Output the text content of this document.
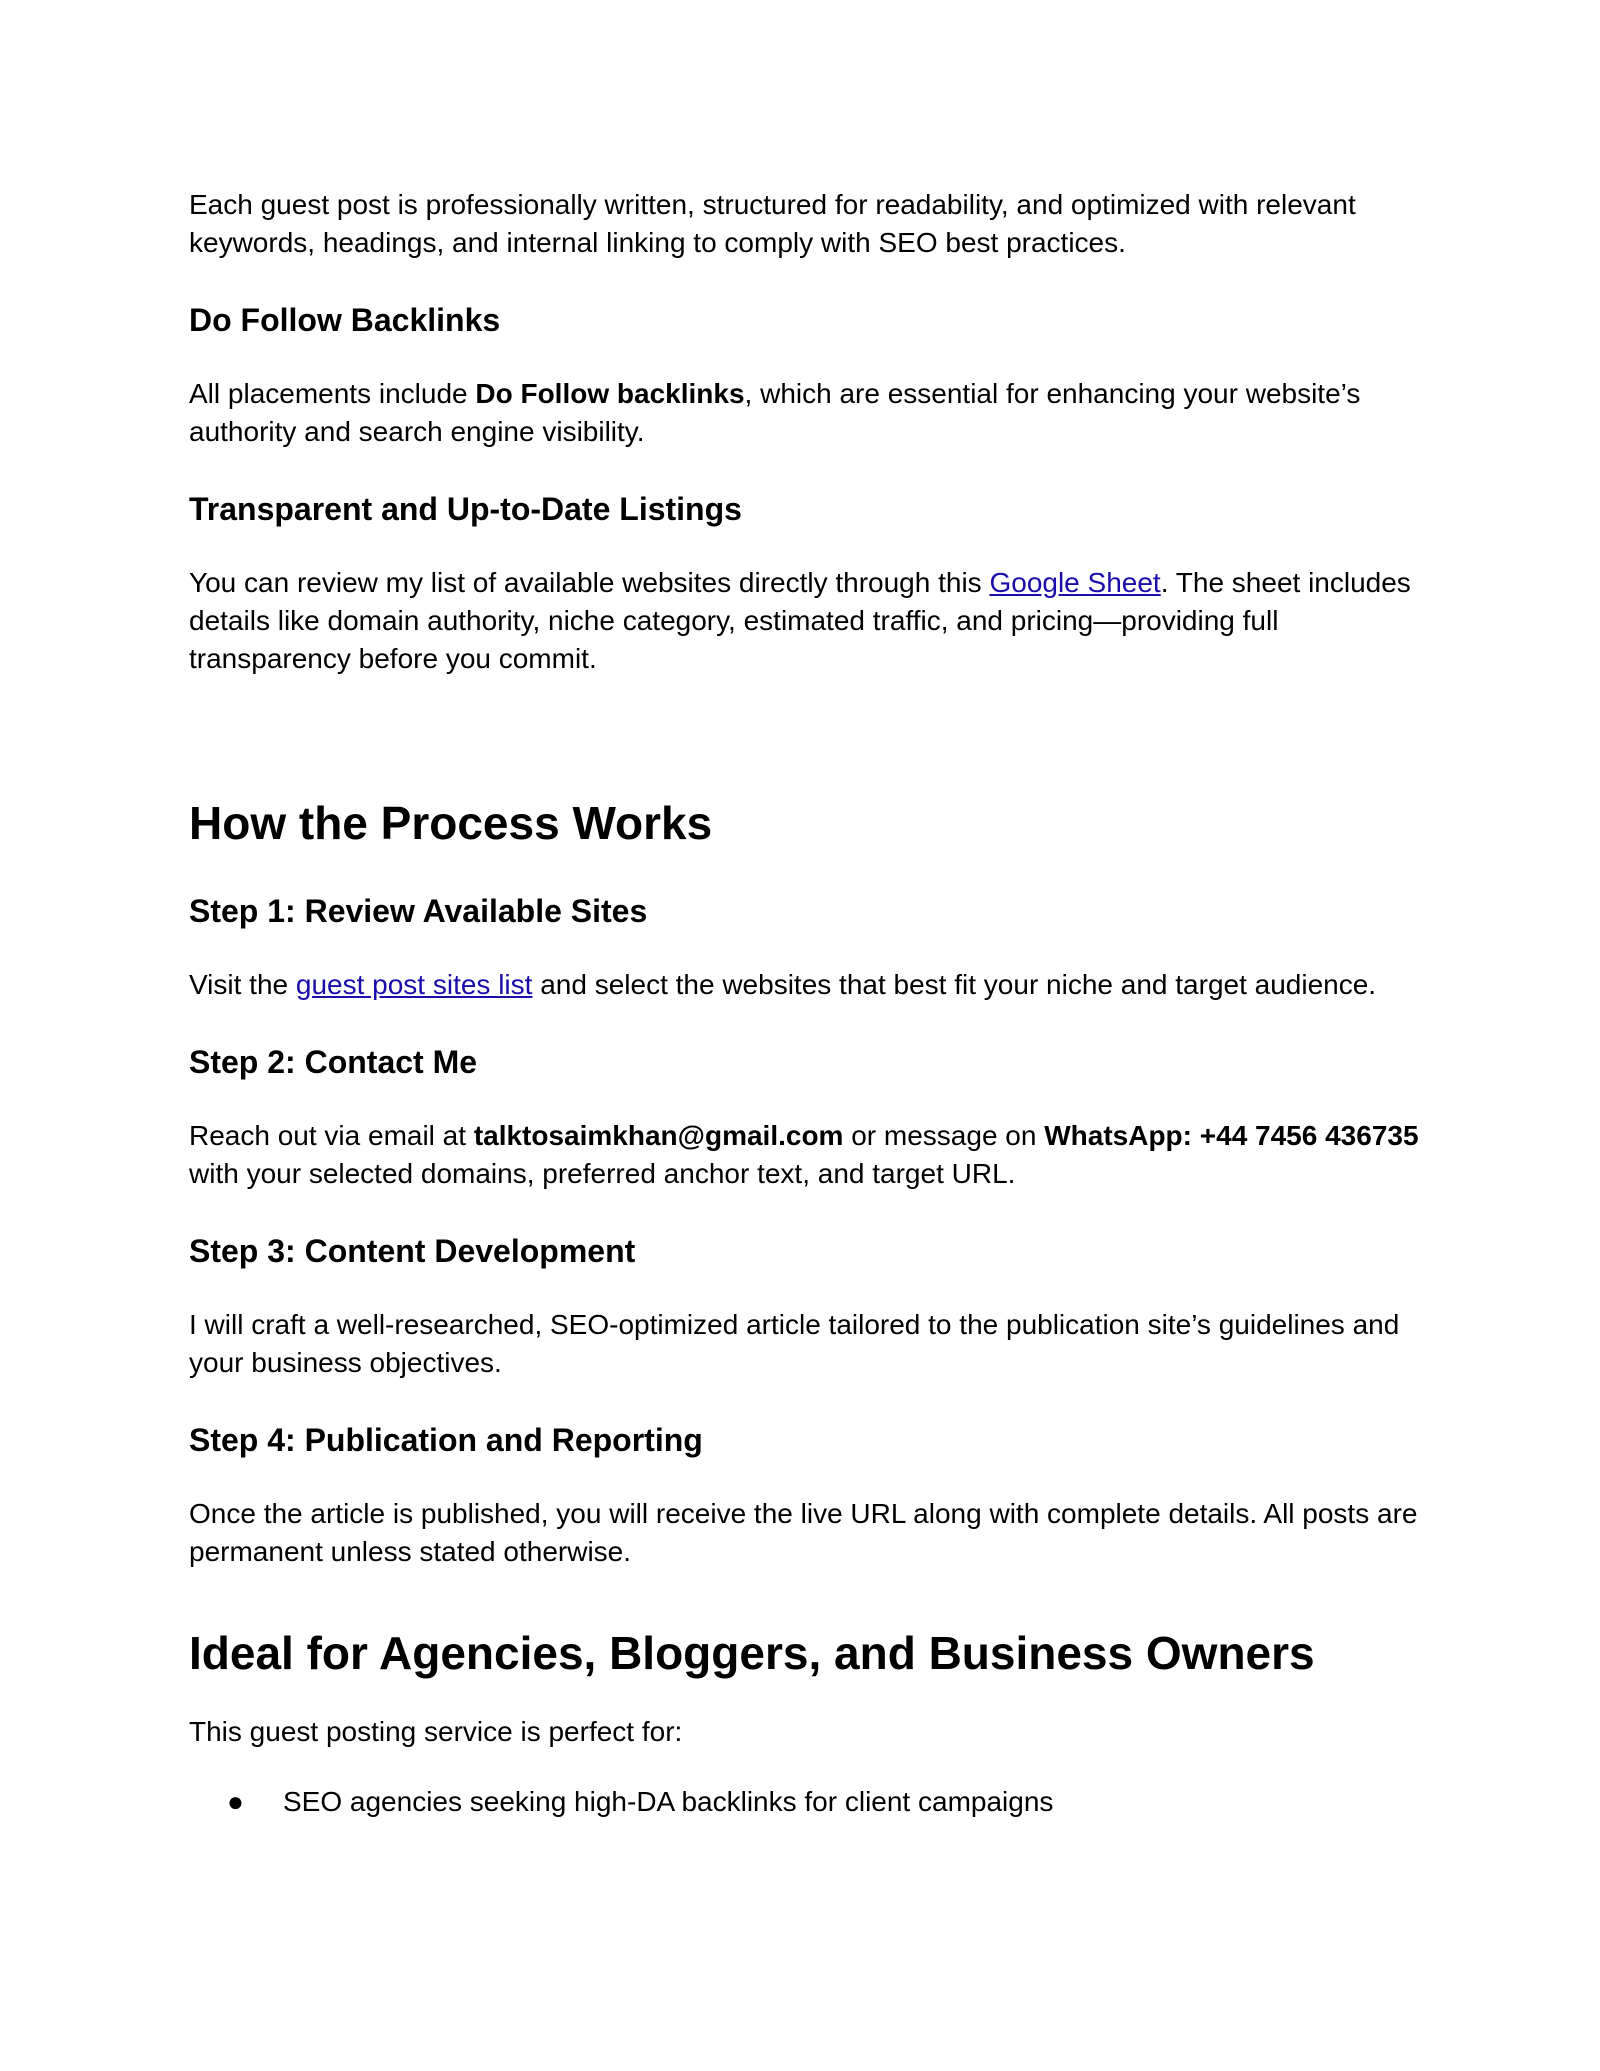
Each guest post is professionally written, structured for readability, and optimized with relevant keywords, headings, and internal linking to comply with SEO best practices.

Do Follow Backlinks

All placements include Do Follow backlinks, which are essential for enhancing your website’s authority and search engine visibility.

Transparent and Up-to-Date Listings

You can review my list of available websites directly through this Google Sheet. The sheet includes details like domain authority, niche category, estimated traffic, and pricing—providing full transparency before you commit.

How the Process Works
Step 1: Review Available Sites

Visit the guest post sites list and select the websites that best fit your niche and target audience.

Step 2: Contact Me

Reach out via email at talktosaimkhan@gmail.com or message on WhatsApp: +44 7456 436735 with your selected domains, preferred anchor text, and target URL.

Step 3: Content Development

I will craft a well-researched, SEO-optimized article tailored to the publication site’s guidelines and your business objectives.

Step 4: Publication and Reporting

Once the article is published, you will receive the live URL along with complete details. All posts are permanent unless stated otherwise.

Ideal for Agencies, Bloggers, and Business Owners

This guest posting service is perfect for:

● SEO agencies seeking high-DA backlinks for client campaigns
